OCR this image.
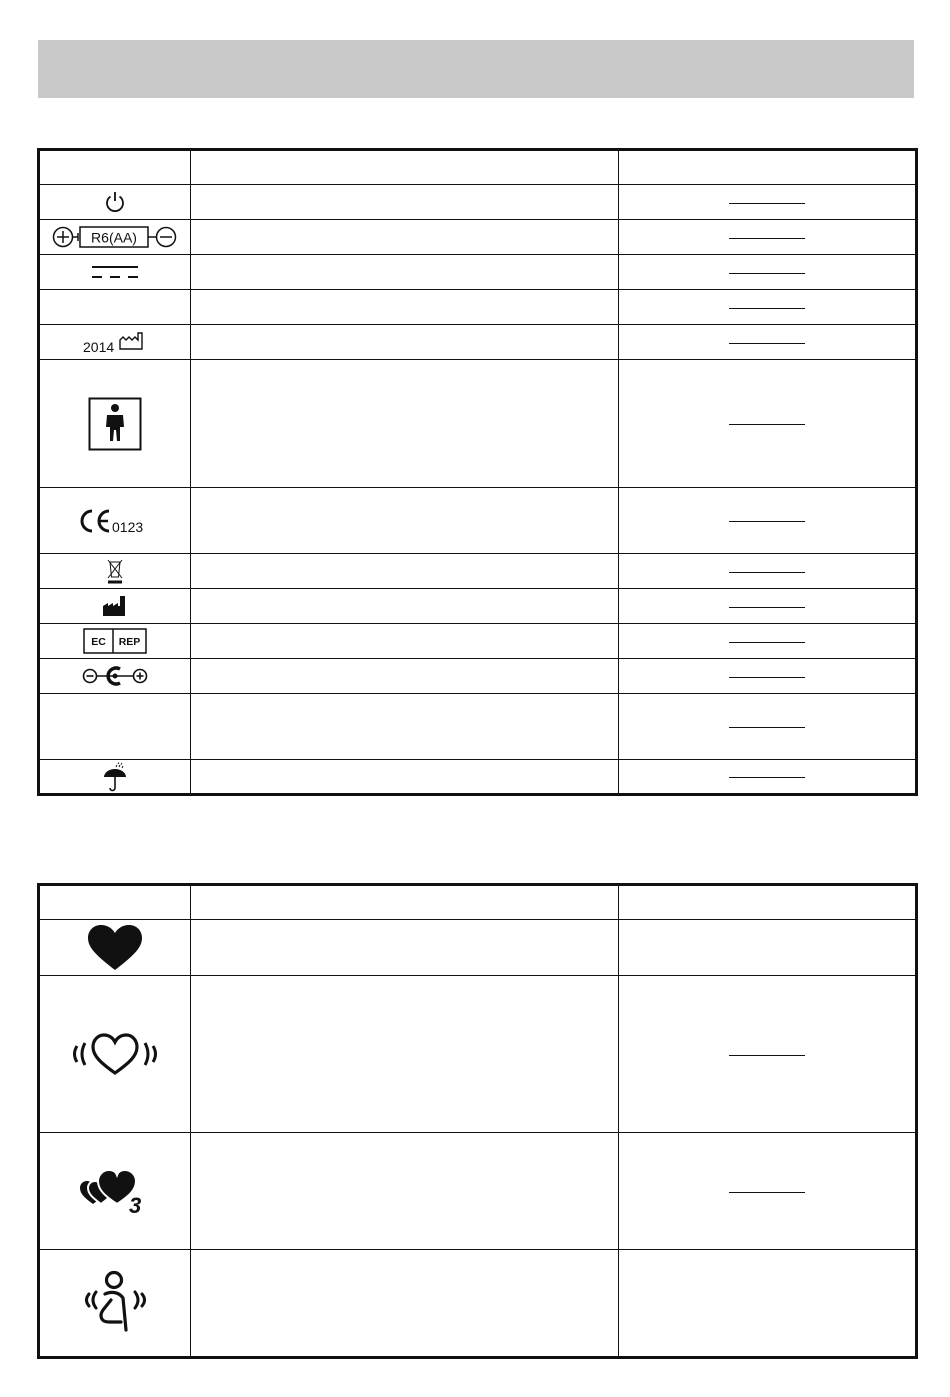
R6(AA)		

2014		

0123		

EC REP		

3		
